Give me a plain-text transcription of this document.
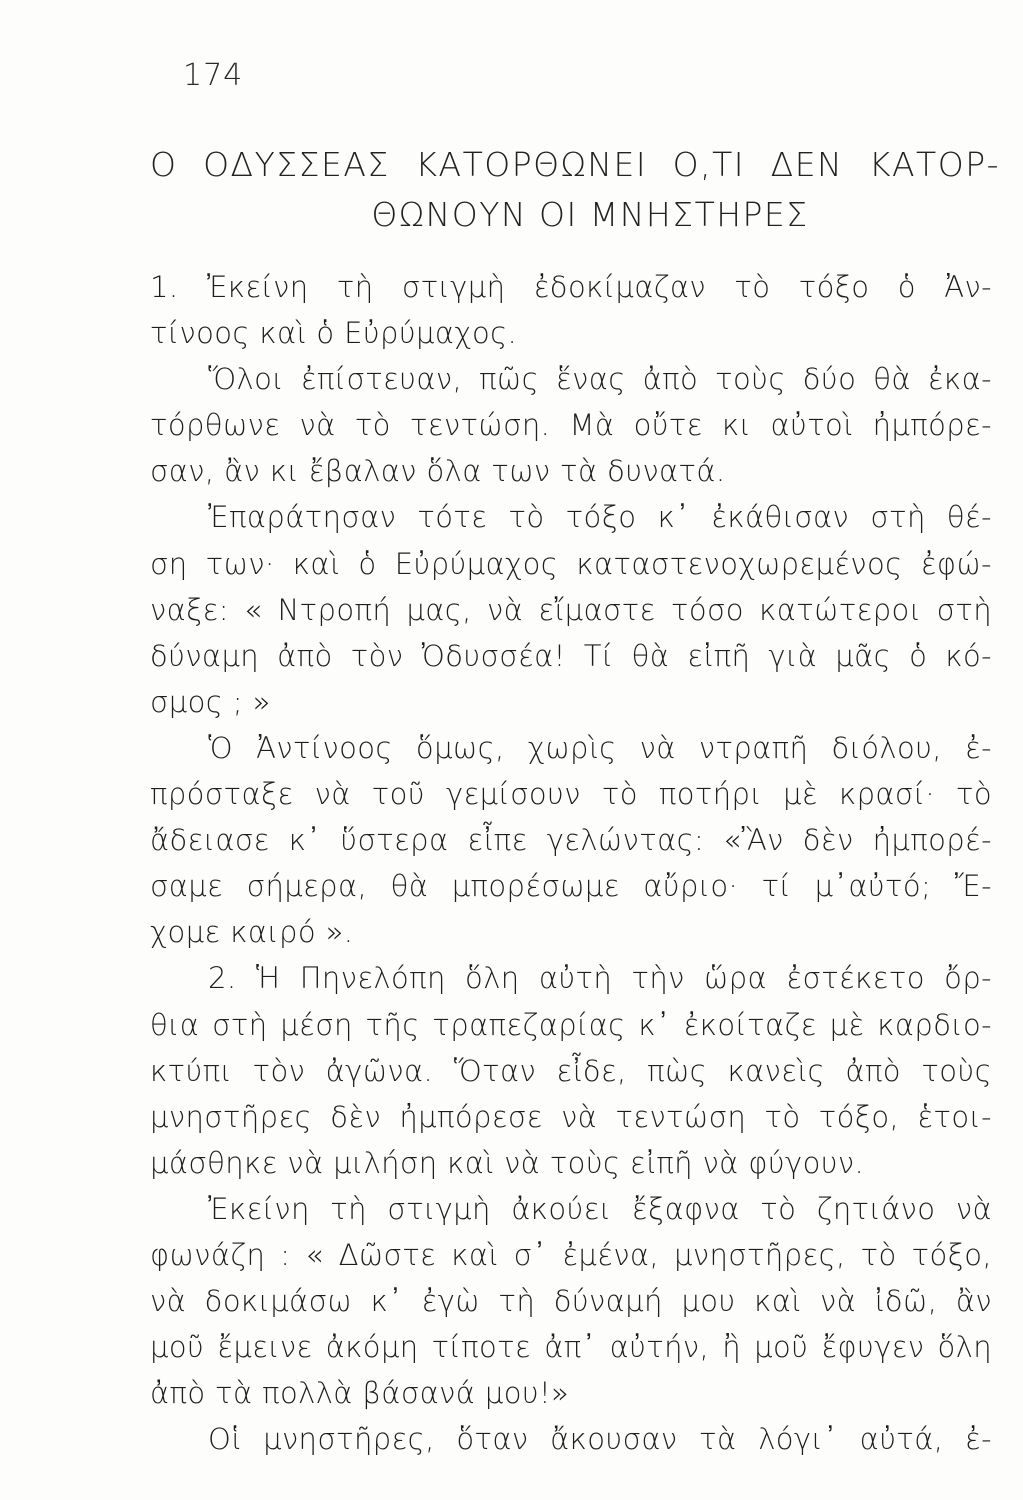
174
Ο ΟΔΥΣΣΕΑΣ ΚΑΤΟΡΘΩΝΕΙ Ο,ΤΙ ΔΕΝ ΚΑΤΟΡ-
ΘΩΝΟΥΝ ΟΙ ΜΝΗΣΤΗΡΕΣ
1. Ἐκείνη τὴ στιγμὴ ἐδοκίμαζαν τὸ τόξο ὁ Ἀν-
τίνοος καὶ ὁ Εὐρύμαχος.
Ὅλοι ἐπίστευαν, πῶς ἕνας ἀπὸ τοὺς δύο θὰ ἐκα-
τόρθωνε νὰ τὸ τεντώση. Μὰ οὔτε κι αὐτοὶ ἠμπόρε-
σαν, ἂν κι ἔβαλαν ὅλα των τὰ δυνατά.
Ἐπαράτησαν τότε τὸ τόξο κ᾿ ἐκάθισαν στὴ θέ-
ση των· καὶ ὁ Εὐρύμαχος καταστενοχωρεμένος ἐφώ-
ναξε: « Ντροπή μας, νὰ εἴμαστε τόσο κατώτεροι στὴ
δύναμη ἀπὸ τὸν Ὀδυσσέα! Τί θὰ εἰπῆ γιὰ μᾶς ὁ κό-
σμος ; »
Ὁ Ἀντίνοος ὅμως, χωρὶς νὰ ντραπῆ διόλου, ἐ-
πρόσταξε νὰ τοῦ γεμίσουν τὸ ποτήρι μὲ κρασί· τὸ
ἄδειασε κ᾿ ὕστερα εἶπε γελώντας: «Ἂν δὲν ἠμπορέ-
σαμε σήμερα, θὰ μπορέσωμε αὔριο· τί μ᾿αὐτό; Ἔ-
χομε καιρό ».
2. Ἡ Πηνελόπη ὅλη αὐτὴ τὴν ὥρα ἐστέκετο ὄρ-
θια στὴ μέση τῆς τραπεζαρίας κ᾿ ἐκοίταζε μὲ καρδιο-
κτύπι τὸν ἀγῶνα. Ὅταν εἶδε, πὼς κανεὶς ἀπὸ τοὺς
μνηστῆρες δὲν ἠμπόρεσε νὰ τεντώση τὸ τόξο, ἑτοι-
μάσθηκε νὰ μιλήση καὶ νὰ τοὺς εἰπῆ νὰ φύγουν.
Ἐκείνη τὴ στιγμὴ ἀκούει ἔξαφνα τὸ ζητιάνο νὰ
φωνάζη : « Δῶστε καὶ σ᾿ ἐμένα, μνηστῆρες, τὸ τόξο,
νὰ δοκιμάσω κ᾿ ἐγὼ τὴ δύναμή μου καὶ νὰ ἰδῶ, ἂν
μοῦ ἔμεινε ἀκόμη τίποτε ἀπ᾿ αὐτήν, ἢ μοῦ ἔφυγεν ὅλη
ἀπὸ τὰ πολλὰ βάσανά μου!»
Οἱ μνηστῆρες, ὅταν ἄκουσαν τὰ λόγι᾿ αὐτά, ἐ-
